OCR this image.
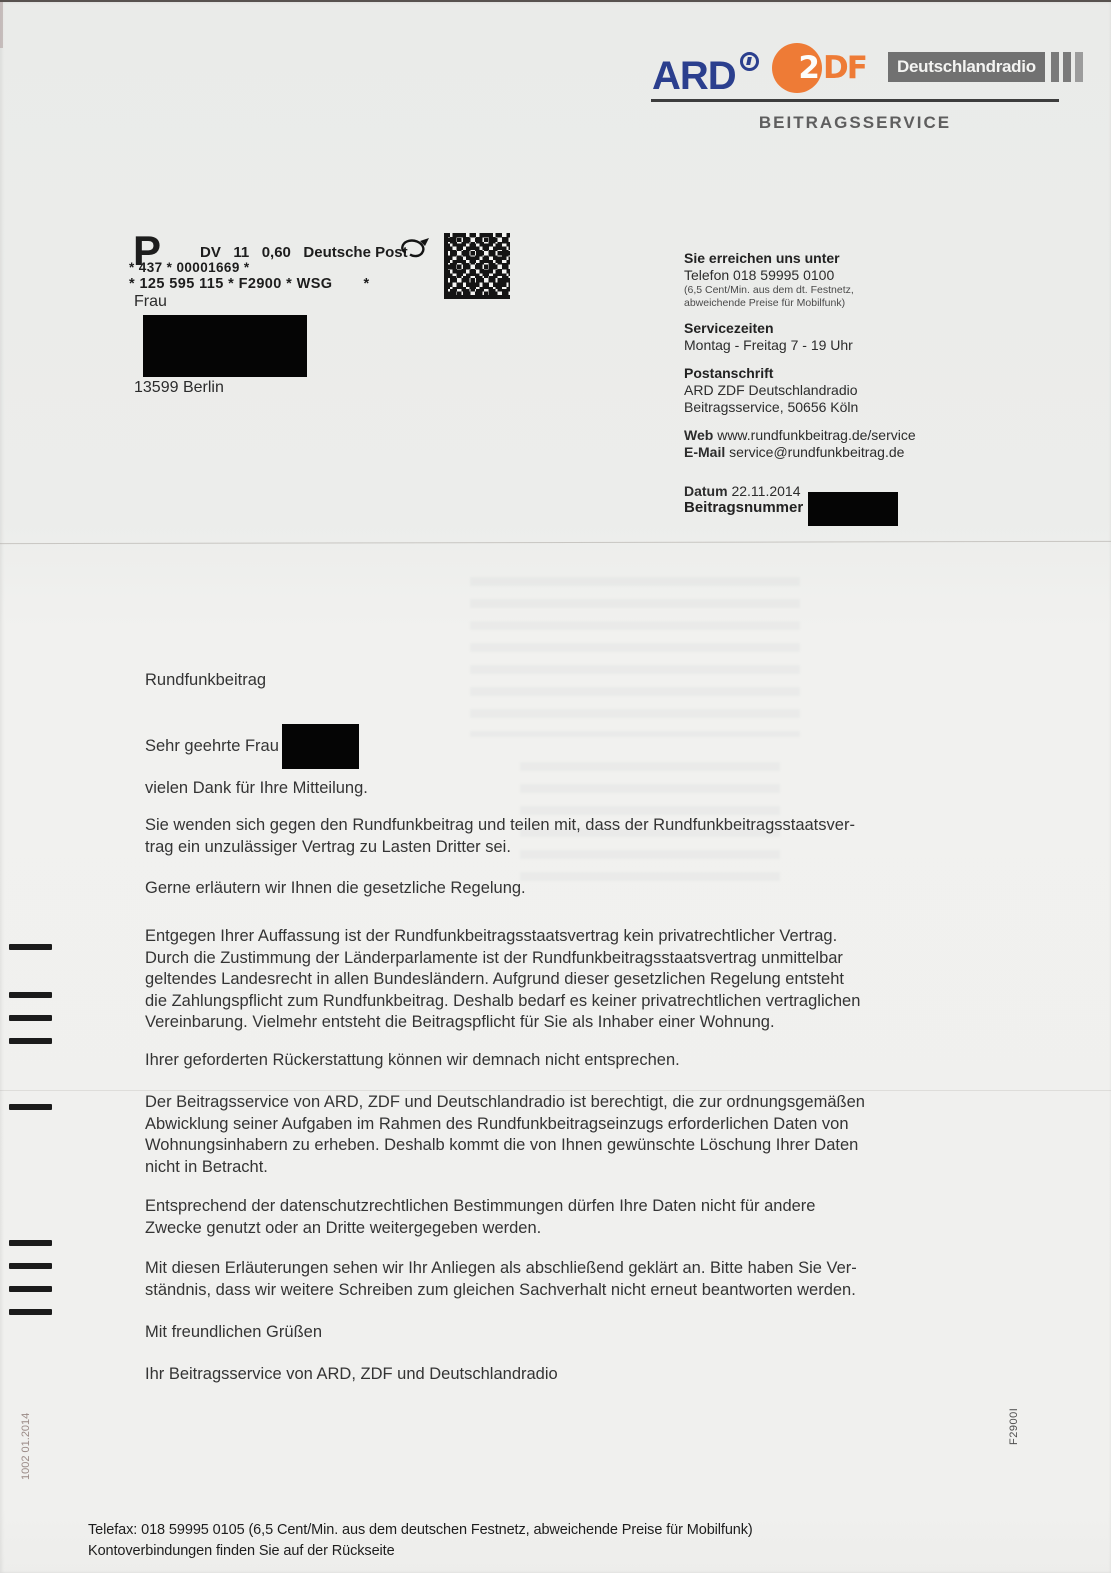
ARD	2 DF	Deutschlandradio
BEITRAGSSERVICE
P	DV   11   0,60   Deutsche Post
* 437 * 00001669 *
* 125 595 115 * F2900 * WSG       *
Frau
13599 Berlin
Sie erreichen uns unter
Telefon 018 59995 0100
(6,5 Cent/Min. aus dem dt. Festnetz,
abweichende Preise für Mobilfunk)
Servicezeiten
Montag - Freitag 7 - 19 Uhr
Postanschrift
ARD ZDF Deutschlandradio
Beitragsservice, 50656 Köln
Web www.rundfunkbeitrag.de/service
E-Mail service@rundfunkbeitrag.de
Datum 22.11.2014
Beitragsnummer
Rundfunkbeitrag
Sehr geehrte Frau
vielen Dank für Ihre Mitteilung.
Sie wenden sich gegen den Rundfunkbeitrag und teilen mit, dass der Rundfunkbeitragsstaatsver-
trag ein unzulässiger Vertrag zu Lasten Dritter sei.
Gerne erläutern wir Ihnen die gesetzliche Regelung.
Entgegen Ihrer Auffassung ist der Rundfunkbeitragsstaatsvertrag kein privatrechtlicher Vertrag.
Durch die Zustimmung der Länderparlamente ist der Rundfunkbeitragsstaatsvertrag unmittelbar
geltendes Landesrecht in allen Bundesländern. Aufgrund dieser gesetzlichen Regelung entsteht
die Zahlungspflicht zum Rundfunkbeitrag. Deshalb bedarf es keiner privatrechtlichen vertraglichen
Vereinbarung. Vielmehr entsteht die Beitragspflicht für Sie als Inhaber einer Wohnung.
Ihrer geforderten Rückerstattung können wir demnach nicht entsprechen.
Der Beitragsservice von ARD, ZDF und Deutschlandradio ist berechtigt, die zur ordnungsgemäßen
Abwicklung seiner Aufgaben im Rahmen des Rundfunkbeitragseinzugs erforderlichen Daten von
Wohnungsinhabern zu erheben. Deshalb kommt die von Ihnen gewünschte Löschung Ihrer Daten
nicht in Betracht.
Entsprechend der datenschutzrechtlichen Bestimmungen dürfen Ihre Daten nicht für andere
Zwecke genutzt oder an Dritte weitergegeben werden.
Mit diesen Erläuterungen sehen wir Ihr Anliegen als abschließend geklärt an. Bitte haben Sie Ver-
ständnis, dass wir weitere Schreiben zum gleichen Sachverhalt nicht erneut beantworten werden.
Mit freundlichen Grüßen
Ihr Beitragsservice von ARD, ZDF und Deutschlandradio
1002 01.2014	F2900I
Telefax: 018 59995 0105 (6,5 Cent/Min. aus dem deutschen Festnetz, abweichende Preise für Mobilfunk)
Kontoverbindungen finden Sie auf der Rückseite
